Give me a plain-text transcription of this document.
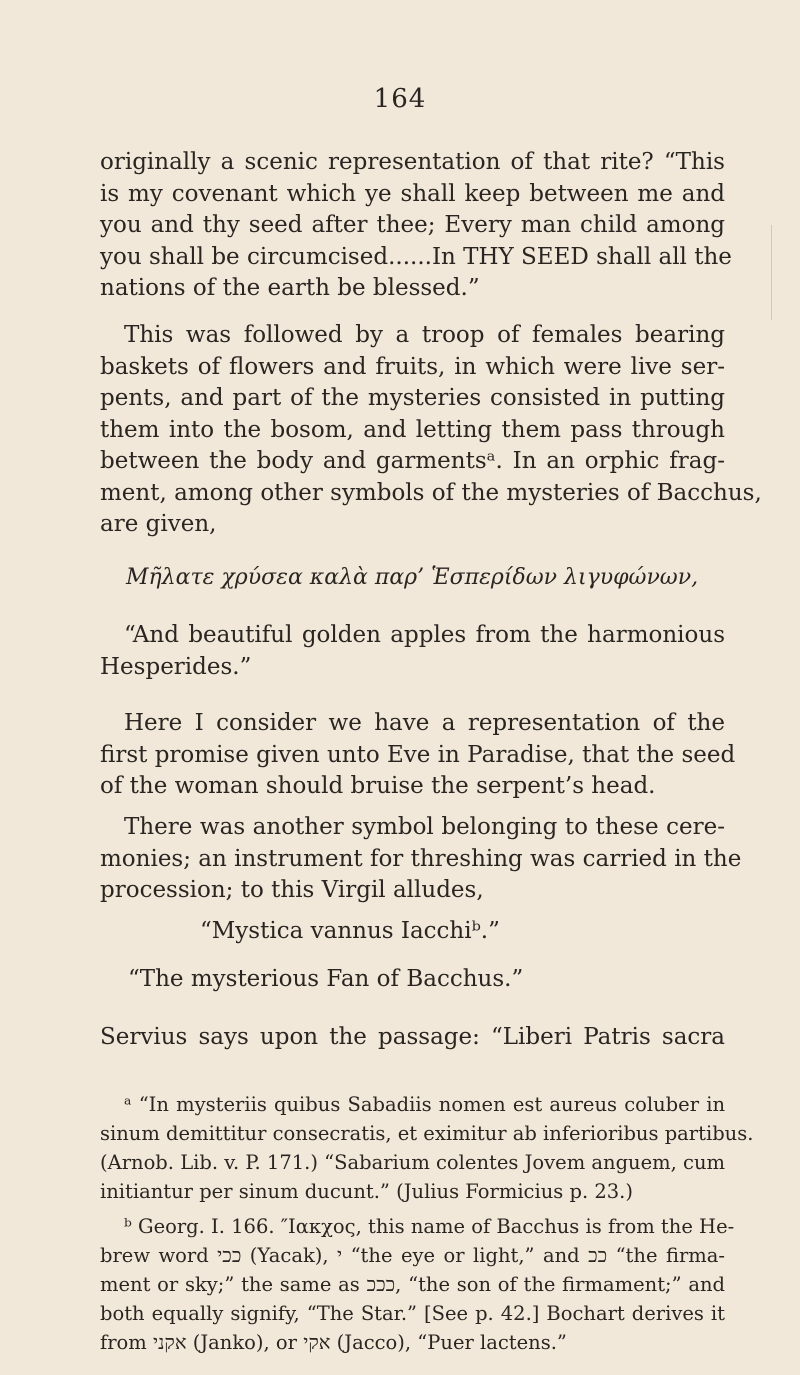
164
originally a scenic representation of that rite? “This
is my covenant which ye shall keep between me and
you and thy seed after thee; Every man child among
you shall be circumcised......In THY SEED shall all the
nations of the earth be blessed.”
This was followed by a troop of females bearing
baskets of flowers and fruits, in which were live ser-
pents, and part of the mysteries consisted in putting
them into the bosom, and letting them pass through
between the body and garmentsᵃ. In an orphic frag-
ment, among other symbols of the mysteries of Bacchus,
are given,
Μῆλατε χρύσεα καλὰ παρ’ Ἑσπερίδων λιγυφώνων,
“And beautiful golden apples from the harmonious
Hesperides.”
Here I consider we have a representation of the
first promise given unto Eve in Paradise, that the seed
of the woman should bruise the serpent’s head.
There was another symbol belonging to these cere-
monies; an instrument for threshing was carried in the
procession; to this Virgil alludes,
“Mystica vannus Iacchiᵇ.”
“The mysterious Fan of Bacchus.”
Servius says upon the passage: “Liberi Patris sacra
ᵃ “In mysteriis quibus Sabadiis nomen est aureus coluber in
sinum demittitur consecratis, et eximitur ab inferioribus partibus.
(Arnob. Lib. v. P. 171.) “Sabarium colentes Jovem anguem, cum
initiantur per sinum ducunt.” (Julius Formicius p. 23.)
ᵇ Georg. I. 166. ″Ιακχος, this name of Bacchus is from the He-
brew word ככי (Yacak), י “the eye or light,” and ככ “the firma-
ment or sky;” the same as כככ, “the son of the firmament;” and
both equally signify, “The Star.” [See p. 42.] Bochart derives it
from אקני (Janko), or אקי (Jacco), “Puer lactens.”
